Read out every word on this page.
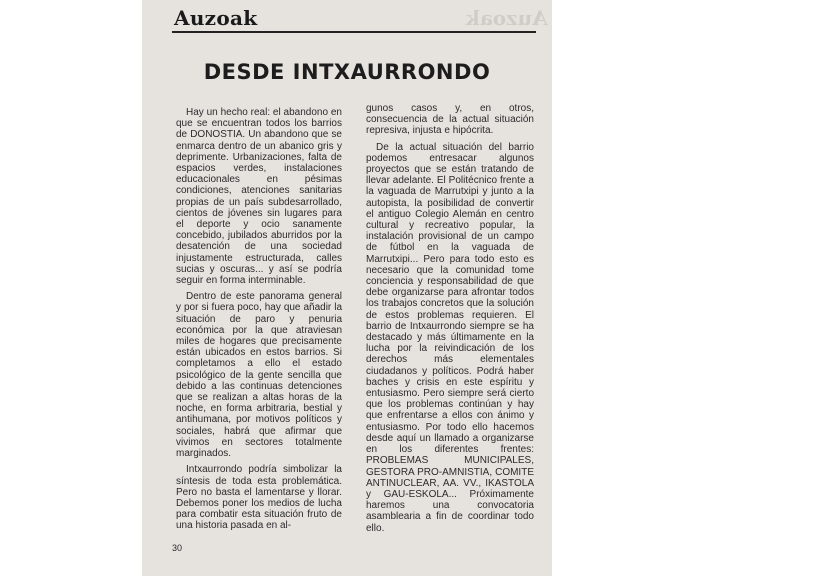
Auzoak	Auzoak
DESDE INTXAURRONDO

Hay un hecho real: el abandono en que se encuentran todos los barrios de DONOSTIA. Un abandono que se enmarca dentro de un abanico gris y deprimente. Urbanizaciones, falta de espacios verdes, instalaciones educacionales en pésimas condiciones, atenciones sanitarias propias de un país subdesarrollado, cientos de jóvenes sin lugares para el deporte y ocio sanamente concebido, jubilados aburridos por la desatención de una sociedad injustamente estructurada, calles sucias y oscuras... y así se podría seguir en forma interminable.

Dentro de este panorama general y por si fuera poco, hay que añadir la situación de paro y penuria económica por la que atraviesan miles de hogares que precisamente están ubicados en estos barrios. Si completamos a ello el estado psicológico de la gente sencilla que debido a las continuas detenciones que se realizan a altas horas de la noche, en forma arbitraria, bestial y antihumana, por motivos políticos y sociales, habrá que afirmar que vivimos en sectores totalmente marginados.

Intxaurrondo podría simbolizar la síntesis de toda esta problemática. Pero no basta el lamentarse y llorar. Debemos poner los medios de lucha para combatir esta situación fruto de una historia pasada en al-

gunos casos y, en otros, consecuencia de la actual situación represiva, injusta e hipócrita.

De la actual situación del barrio podemos entresacar algunos proyectos que se están tratando de llevar adelante. El Politécnico frente a la vaguada de Marrutxipi y junto a la autopista, la posibilidad de convertir el antiguo Colegio Alemán en centro cultural y recreativo popular, la instalación provisional de un campo de fútbol en la vaguada de Marrutxipi... Pero para todo esto es necesario que la comunidad tome conciencia y responsabilidad de que debe organizarse para afrontar todos los trabajos concretos que la solución de estos problemas requieren. El barrio de Intxaurrondo siempre se ha destacado y más últimamente en la lucha por la reivindicación de los derechos más elementales ciudadanos y políticos. Podrá haber baches y crisis en este espíritu y entusiasmo. Pero siempre será cierto que los problemas continúan y hay que enfrentarse a ellos con ánimo y entusiasmo. Por todo ello hacemos desde aquí un llamado a organizarse en los diferentes frentes: PROBLEMAS MUNICIPALES, GESTORA PRO-AMNISTIA, COMITE ANTINUCLEAR, AA. VV., IKASTOLA y GAU-ESKOLA... Próximamente haremos una convocatoria asamblearia a fin de coordinar todo ello.

30
